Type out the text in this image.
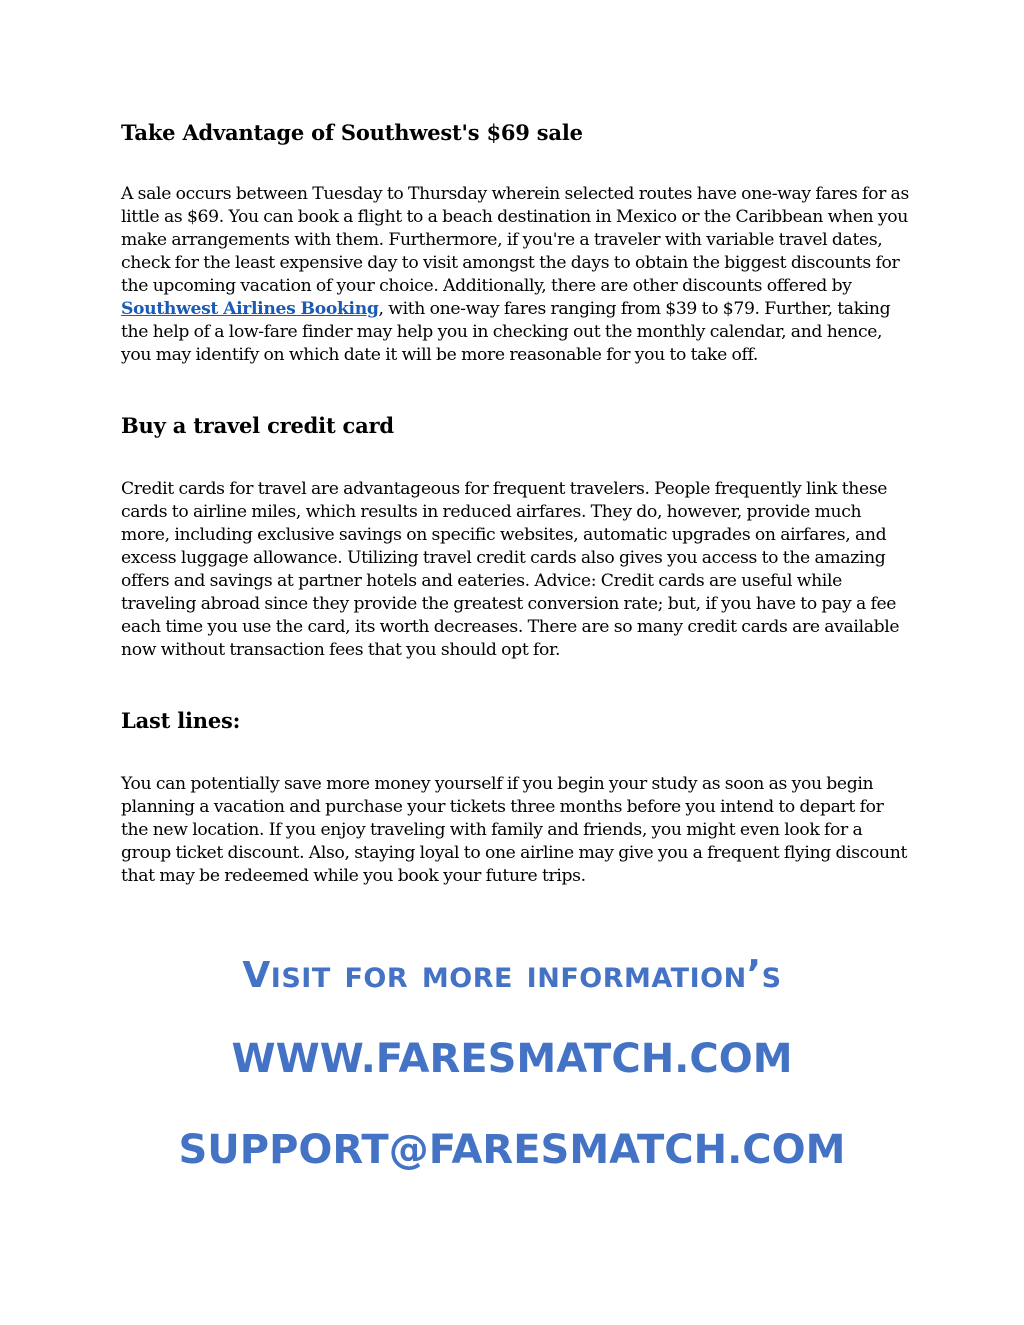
Take Advantage of Southwest's $69 sale

A sale occurs between Tuesday to Thursday wherein selected routes have one-way fares for as little as $69. You can book a flight to a beach destination in Mexico or the Caribbean when you make arrangements with them. Furthermore, if you're a traveler with variable travel dates, check for the least expensive day to visit amongst the days to obtain the biggest discounts for the upcoming vacation of your choice. Additionally, there are other discounts offered by Southwest Airlines Booking, with one-way fares ranging from $39 to $79. Further, taking the help of a low-fare finder may help you in checking out the monthly calendar, and hence, you may identify on which date it will be more reasonable for you to take off.

Buy a travel credit card

Credit cards for travel are advantageous for frequent travelers. People frequently link these cards to airline miles, which results in reduced airfares. They do, however, provide much more, including exclusive savings on specific websites, automatic upgrades on airfares, and excess luggage allowance. Utilizing travel credit cards also gives you access to the amazing offers and savings at partner hotels and eateries. Advice: Credit cards are useful while traveling abroad since they provide the greatest conversion rate; but, if you have to pay a fee each time you use the card, its worth decreases. There are so many credit cards are available now without transaction fees that you should opt for.

Last lines:

You can potentially save more money yourself if you begin your study as soon as you begin planning a vacation and purchase your tickets three months before you intend to depart for the new location. If you enjoy traveling with family and friends, you might even look for a group ticket discount. Also, staying loyal to one airline may give you a frequent flying discount that may be redeemed while you book your future trips.

visit for more information’s
WWW.FARESMATCH.COM
SUPPORT@FARESMATCH.COM
